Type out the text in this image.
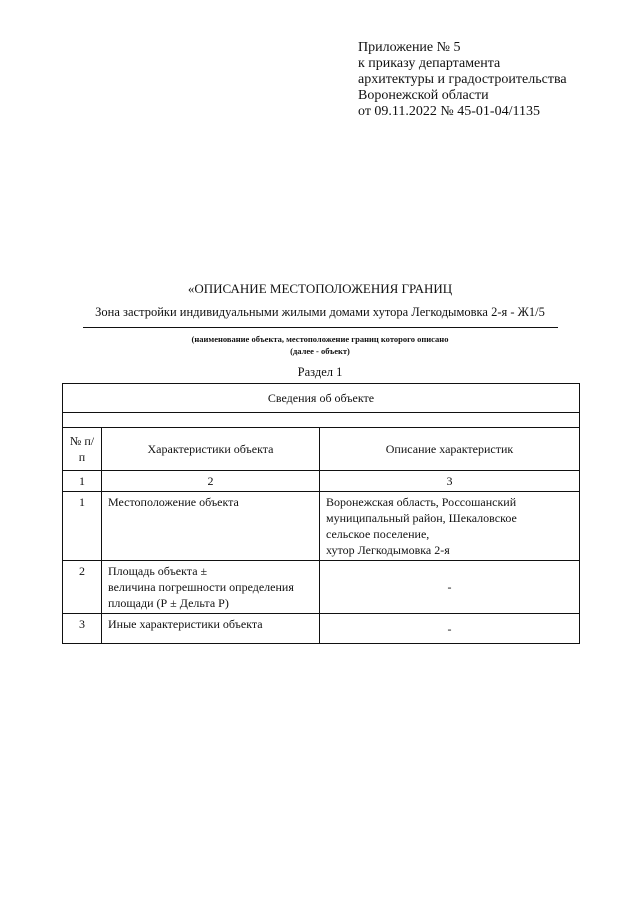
Приложение № 5
к приказу департамента
архитектуры и градостроительства
Воронежской области
от 09.11.2022 № 45-01-04/1135
«ОПИСАНИЕ МЕСТОПОЛОЖЕНИЯ ГРАНИЦ
Зона застройки индивидуальными жилыми домами хутора Легкодымовка 2-я - Ж1/5
(наименование объекта, местоположение границ которого описано
(далее - объект)
Раздел 1
Сведения об объекте		

№ п/п	Характеристики объекта	Описание характеристик
1	2	3
1	Местоположение объекта	Воронежская область, Россошанский
муниципальный район, Шекаловское
сельское поселение,
хутор Легкодымовка 2-я

2	Площадь объекта ±
величина погрешности определения
площади (Р ± Дельта Р)	-
3	Иные характеристики объекта	-
